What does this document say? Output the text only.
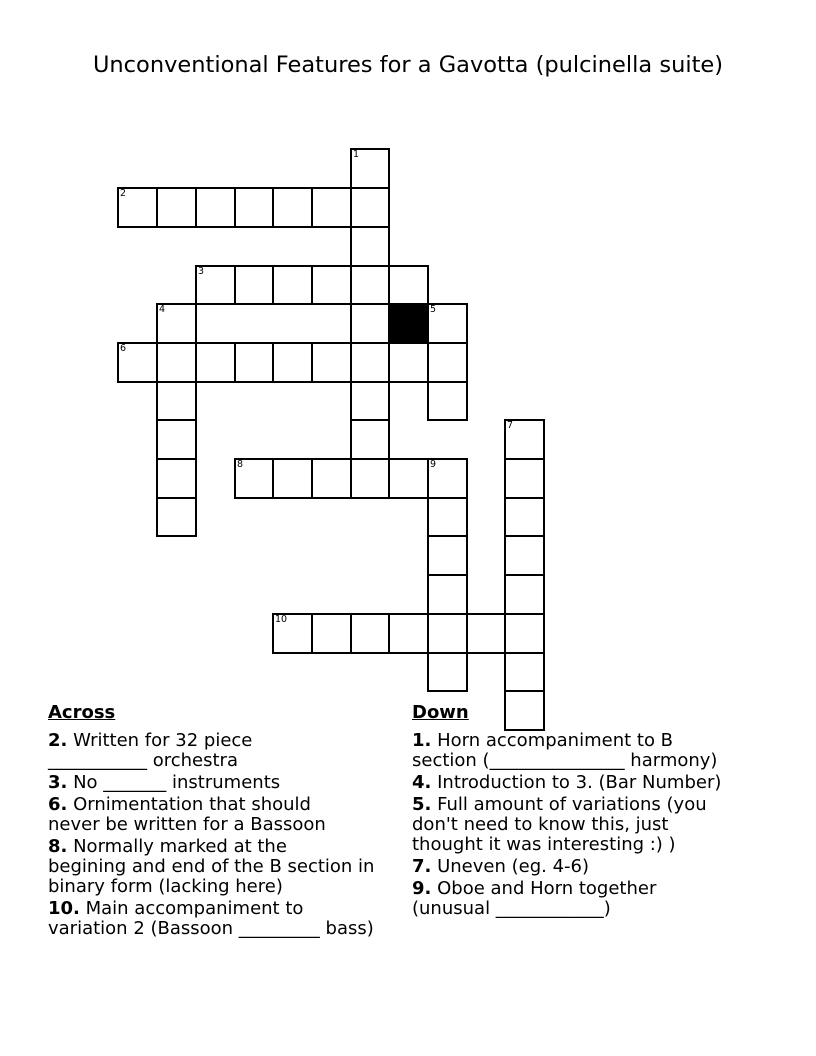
Unconventional Features for a Gavotta (pulcinella suite)
1
2
3
4	5
6
7
8	9
10
Across
2. Written for 32 piece
___________ orchestra
3. No _______ instruments
6. Ornimentation that should
never be written for a Bassoon
8. Normally marked at the
begining and end of the B section in
binary form (lacking here)
10. Main accompaniment to
variation 2 (Bassoon _________ bass)
Down
1. Horn accompaniment to B
section (_______________ harmony)
4. Introduction to 3. (Bar Number)
5. Full amount of variations (you
don't need to know this, just
thought it was interesting :) )
7. Uneven (eg. 4-6)
9. Oboe and Horn together
(unusual ____________)
